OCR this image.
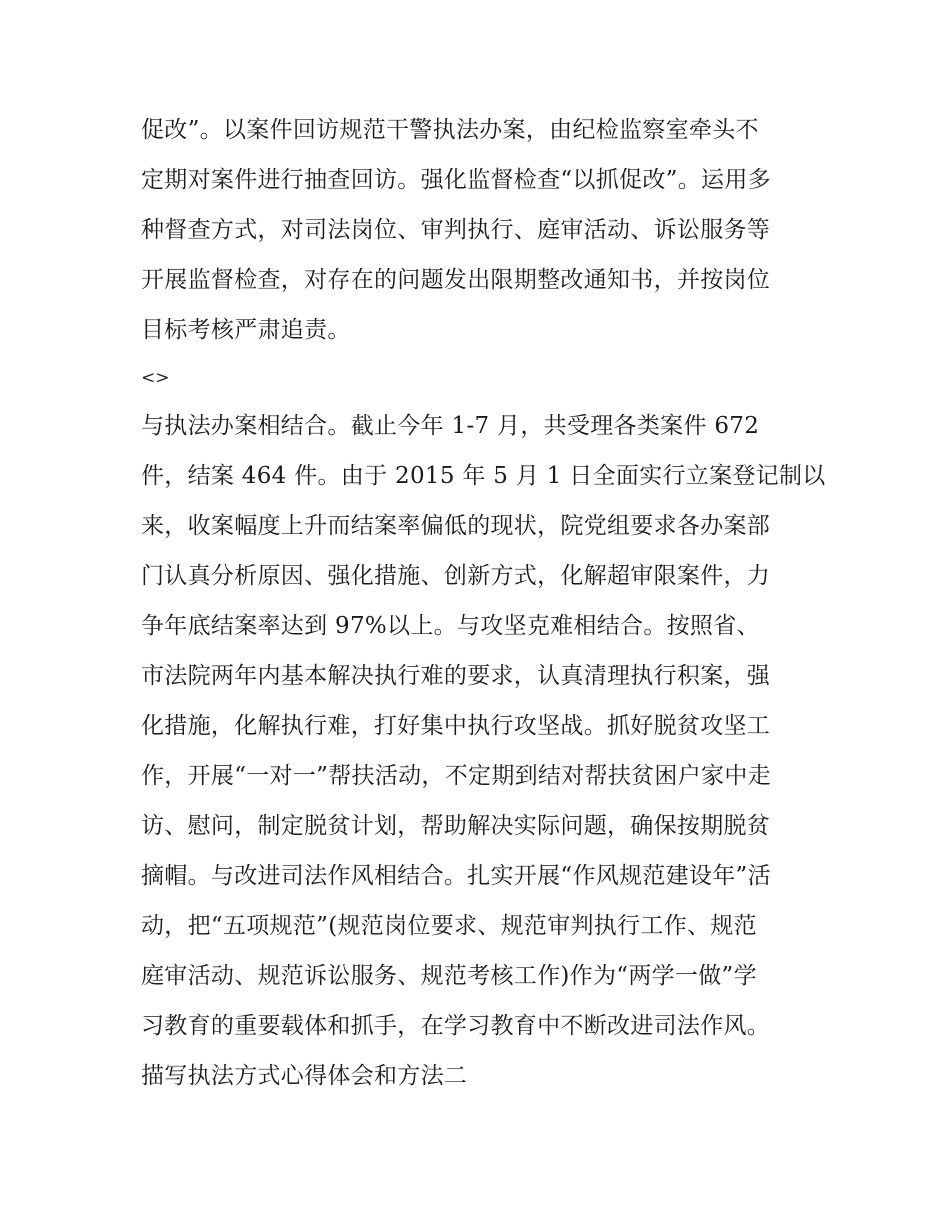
促改”。以案件回访规范干警执法办案，由纪检监察室牵头不
定期对案件进行抽查回访。强化监督检查“以抓促改”。运用多
种督查方式，对司法岗位、审判执行、庭审活动、诉讼服务等
开展监督检查，对存在的问题发出限期整改通知书，并按岗位
目标考核严肃追责。
<>
与执法办案相结合。截止今年 1-7 月，共受理各类案件 672
件，结案 464 件。由于 2015 年 5 月 1 日全面实行立案登记制以
来，收案幅度上升而结案率偏低的现状，院党组要求各办案部
门认真分析原因、强化措施、创新方式，化解超审限案件，力
争年底结案率达到 97%以上。与攻坚克难相结合。按照省、
市法院两年内基本解决执行难的要求，认真清理执行积案，强
化措施，化解执行难，打好集中执行攻坚战。抓好脱贫攻坚工
作，开展“一对一”帮扶活动，不定期到结对帮扶贫困户家中走
访、慰问，制定脱贫计划，帮助解决实际问题，确保按期脱贫
摘帽。与改进司法作风相结合。扎实开展“作风规范建设年”活
动，把“五项规范”(规范岗位要求、规范审判执行工作、规范
庭审活动、规范诉讼服务、规范考核工作)作为“两学一做”学
习教育的重要载体和抓手，在学习教育中不断改进司法作风。
描写执法方式心得体会和方法二
